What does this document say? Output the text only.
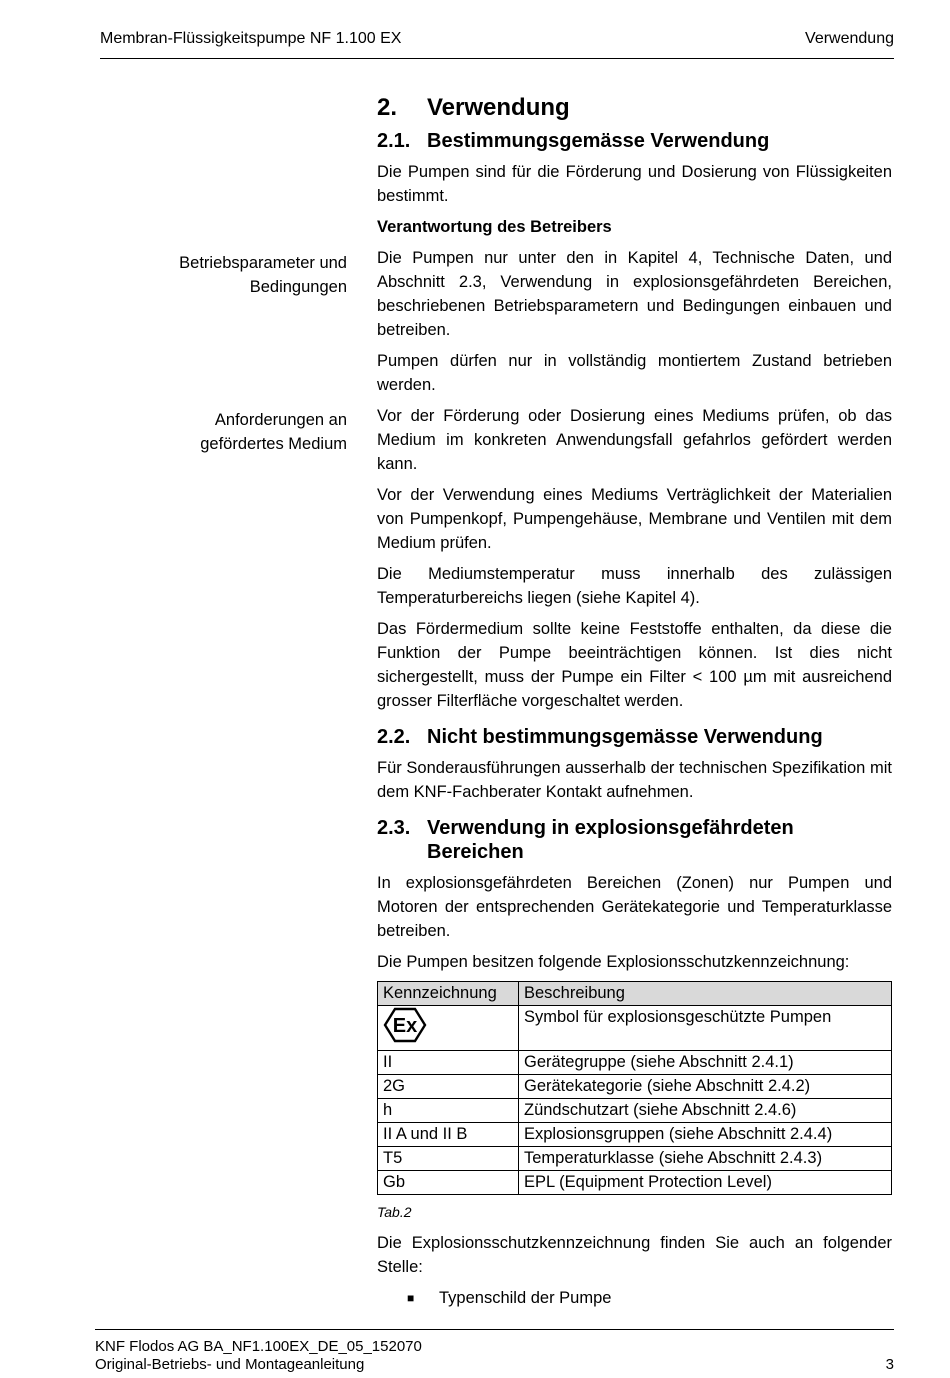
Membran-Flüssigkeitspumpe NF 1.100 EX	Verwendung
Betriebsparameter und
Bedingungen
Anforderungen an
gefördertes Medium
2.	Verwendung
2.1. Bestimmungsgemässe Verwendung

Die Pumpen sind für die Förderung und Dosierung von Flüssigkeiten bestimmt.

Verantwortung des Betreibers

Die Pumpen nur unter den in Kapitel 4, Technische Daten, und Abschnitt 2.3, Verwendung in explosionsgefährdeten Bereichen, beschriebenen Betriebsparametern und Bedingungen einbauen und betreiben.

Pumpen dürfen nur in vollständig montiertem Zustand betrieben werden.

Vor der Förderung oder Dosierung eines Mediums prüfen, ob das Medium im konkreten Anwendungsfall gefahrlos gefördert werden kann.

Vor der Verwendung eines Mediums Verträglichkeit der Materialien von Pumpenkopf, Pumpengehäuse, Membrane und Ventilen mit dem Medium prüfen.

Die Mediumstemperatur muss innerhalb des zulässigen Temperaturbereichs liegen (siehe Kapitel 4).

Das Fördermedium sollte keine Feststoffe enthalten, da diese die Funktion der Pumpe beeinträchtigen können. Ist dies nicht sichergestellt, muss der Pumpe ein Filter < 100 µm mit ausreichend grosser Filterfläche vorgeschaltet werden.

2.2. Nicht bestimmungsgemässe Verwendung

Für Sonderausführungen ausserhalb der technischen Spezifikation mit dem KNF-Fachberater Kontakt aufnehmen.

2.3. Verwendung in explosionsgefährdeten
Bereichen

In explosionsgefährdeten Bereichen (Zonen) nur Pumpen und Motoren der entsprechenden Gerätekategorie und Temperaturklasse betreiben.

Die Pumpen besitzen folgende Explosionsschutzkennzeichnung:

Kennzeichnung	Beschreibung

Ex	Symbol für explosionsgeschützte Pumpen
II	Gerätegruppe (siehe Abschnitt 2.4.1)
2G	Gerätekategorie (siehe Abschnitt 2.4.2)
h	Zündschutzart (siehe Abschnitt 2.4.6)
II A und II B	Explosionsgruppen (siehe Abschnitt 2.4.4)
T5	Temperaturklasse (siehe Abschnitt 2.4.3)
Gb	EPL (Equipment Protection Level)
Tab.2

Die Explosionsschutzkennzeichnung finden Sie auch an folgender Stelle:

■	Typenschild der Pumpe
KNF Flodos AG BA_NF1.100EX_DE_05_152070
Original-Betriebs- und Montageanleitung	3
